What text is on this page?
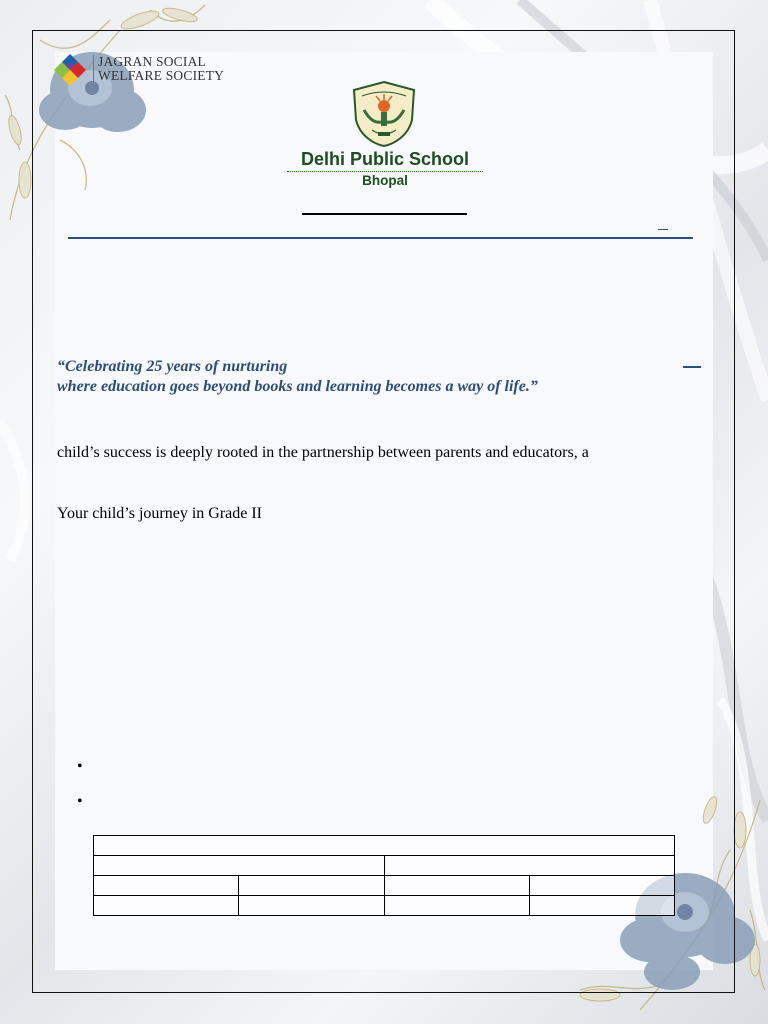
JAGRAN SOCIAL
WELFARE SOCIETY
Delhi Public School
Bhopal
“Celebrating 25 years of nurturing
where education goes beyond books and learning becomes a way of life.”
child’s success is deeply rooted in the partnership between parents and educators, a
Your child’s journey in Grade II
•
•
